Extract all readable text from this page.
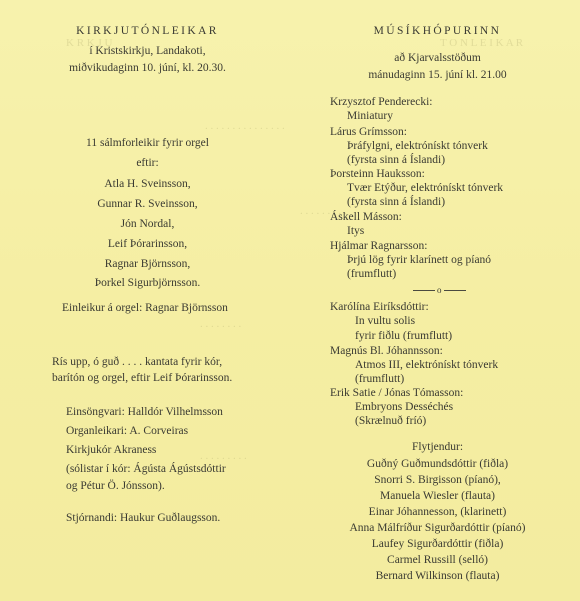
K R K J U	T O N L E I K A R
. . . . . . . . . . . . . . .
. . . . . . . .
. . . . . . . . .
. . . . . . . . .
KIRKJUTÓNLEIKAR
í Kristskirkju, Landakoti,
miðvikudaginn 10. júní, kl. 20.30.
11 sálmforleikir fyrir orgel
eftir:
Atla H. Sveinsson,
Gunnar R. Sveinsson,
Jón Nordal,
Leif Þórarinsson,
Ragnar Björnsson,
Þorkel Sigurbjörnsson.
Einleikur á orgel: Ragnar Björnsson
Rís upp, ó guð . . . . kantata fyrir kór,
barítón og orgel, eftir Leif Þórarinsson.
Einsöngvari: Halldór Vilhelmsson
Organleikari: A. Corveiras
Kirkjukór Akraness
(sólistar í kór: Ágústa Ágústsdóttir
og Pétur Ö. Jónsson).
Stjórnandi: Haukur Guðlaugsson.
MÚSÍKHÓPURINN
að Kjarvalsstöðum
mánudaginn 15. júní kl. 21.00
Krzysztof Penderecki:
Miniatury
Lárus Grímsson:
Þráfylgni, elektrónískt tónverk
(fyrsta sinn á Íslandi)
Þorsteinn Hauksson:
Tvær Etýður, elektrónískt tónverk
(fyrsta sinn á Íslandi)
Áskell Másson:
Itys
Hjálmar Ragnarsson:
Þrjú lög fyrir klarínett og píanó
(frumflutt)
o
Karólína Eiríksdóttir:
In vultu solis
fyrir fiðlu (frumflutt)
Magnús Bl. Jóhannsson:
Atmos III, elektrónískt tónverk
(frumflutt)
Erik Satie / Jónas Tómasson:
Embryons Desséchés
(Skrælnuð fríó)
Flytjendur:
Guðný Guðmundsdóttir (fiðla)
Snorri S. Birgisson (píanó),
Manuela Wiesler (flauta)
Einar Jóhannesson, (klarinett)
Anna Málfríður Sigurðardóttir (píanó)
Laufey Sigurðardóttir (fiðla)
Carmel Russill (selló)
Bernard Wilkinson (flauta)
